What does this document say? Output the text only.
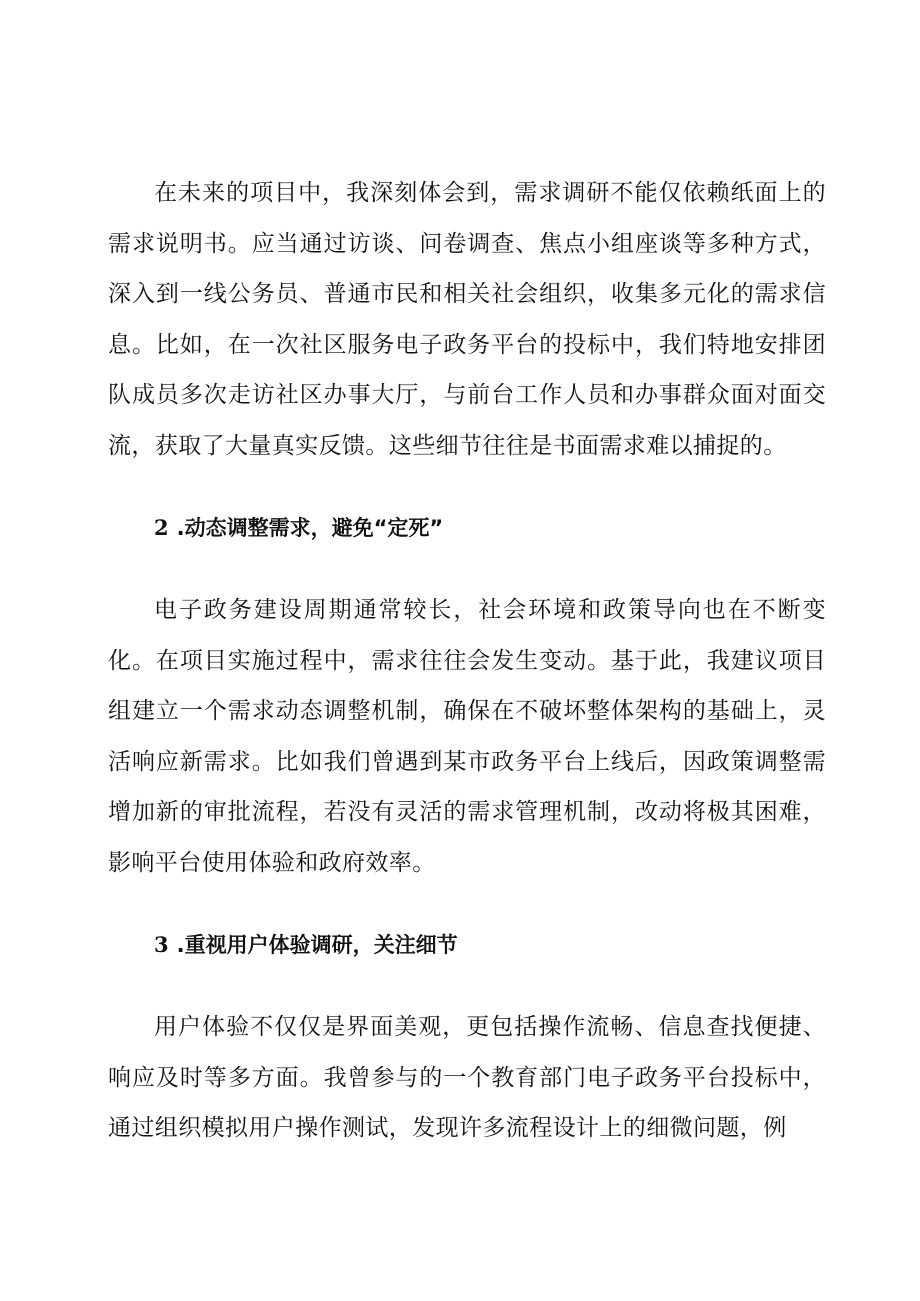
在未来的项目中，我深刻体会到，需求调研不能仅依赖纸面上的需求说明书。应当通过访谈、问卷调查、焦点小组座谈等多种方式，深入到一线公务员、普通市民和相关社会组织，收集多元化的需求信息。比如，在一次社区服务电子政务平台的投标中，我们特地安排团队成员多次走访社区办事大厅，与前台工作人员和办事群众面对面交流，获取了大量真实反馈。这些细节往往是书面需求难以捕捉的。

2 .动态调整需求，避免“定死”

电子政务建设周期通常较长，社会环境和政策导向也在不断变化。在项目实施过程中，需求往往会发生变动。基于此，我建议项目组建立一个需求动态调整机制，确保在不破坏整体架构的基础上，灵活响应新需求。比如我们曾遇到某市政务平台上线后，因政策调整需增加新的审批流程，若没有灵活的需求管理机制，改动将极其困难，影响平台使用体验和政府效率。

3 .重视用户体验调研，关注细节

用户体验不仅仅是界面美观，更包括操作流畅、信息查找便捷、响应及时等多方面。我曾参与的一个教育部门电子政务平台投标中，通过组织模拟用户操作测试，发现许多流程设计上的细微问题，例
